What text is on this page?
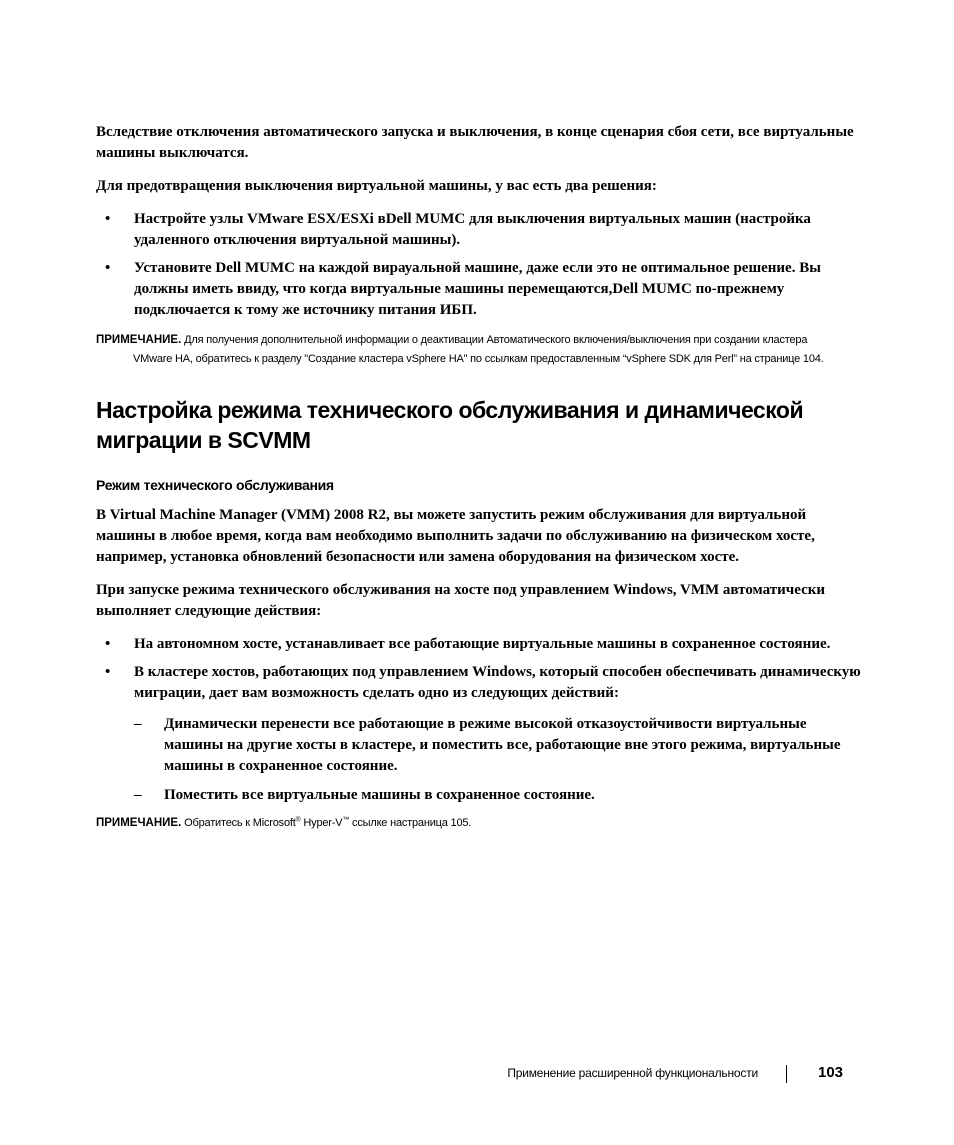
Вследствие отключения автоматического запуска и выключения, в конце сценария сбоя сети, все виртуальные машины выключатся.

Для предотвращения выключения виртуальной машины, у вас есть два решения:

• Настройте узлы VMware ESX/ESXi вDell MUMC для выключения виртуальных машин (настройка удаленного отключения виртуальной машины).
• Установите Dell MUMC на каждой вирауальной машине, даже если это не оптимальное решение. Вы должны иметь ввиду, что когда виртуальные машины перемещаются,Dell MUMC по-прежнему подключается к тому же источнику питания ИБП.
ПРИМЕЧАНИЕ. Для получения дополнительной информации о деактивации Автоматического включения/выключения при создании кластера
VMware HA, обратитесь к разделу "Создание кластера vSphere HA" по ссылкам предоставленным “vSphere SDK для Perl” на странице 104.
Настройка режима технического обслуживания и динамической
миграции в SCVMM
Режим технического обслуживания

В Virtual Machine Manager (VMM) 2008 R2, вы можете запустить режим обслуживания для виртуальной машины в любое время, когда вам необходимо выполнить задачи по обслуживанию на физическом хосте, например, установка обновлений безопасности или замена оборудования на физическом хосте.

При запуске режима технического обслуживания на хосте под управлением Windows, VMM автоматически выполняет следующие действия:

• На автономном хосте, устанавливает все работающие виртуальные машины в сохраненное состояние.
• В кластере хостов, работающих под управлением Windows, который способен обеспечивать динамическую миграции, дает вам возможность сделать одно из следующих действий:
– Динамически перенести все работающие в режиме высокой отказоустойчивости виртуальные машины на другие хосты в кластере, и поместить все, работающие вне этого режима, виртуальные машины в сохраненное состояние.
– Поместить все виртуальные машины в сохраненное состояние.
ПРИМЕЧАНИЕ. Обратитесь к Microsoft® Hyper-V™ ссылке настраница 105.
Применение расширенной функциональности	103
